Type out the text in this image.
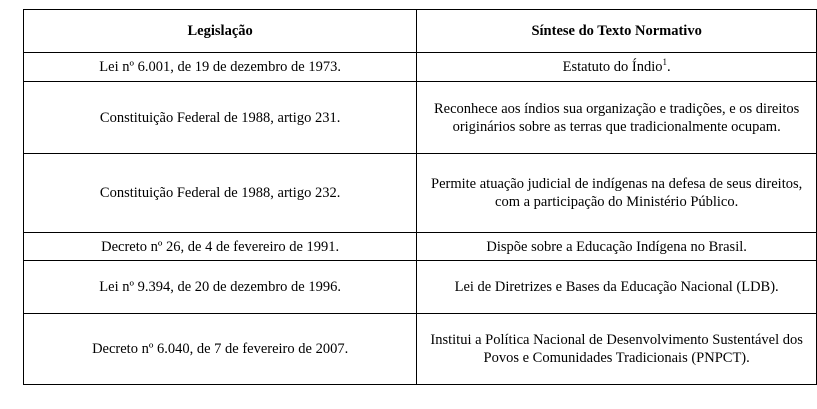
Legislação	Síntese do Texto Normativo
Lei nº 6.001, de 19 de dezembro de 1973.	Estatuto do Índio$^1$.
Constituição Federal de 1988, artigo 231.	Reconhece aos índios sua organização e tradições, e os direitos originários sobre as terras que tradicionalmente ocupam.
Constituição Federal de 1988, artigo 232.	Permite atuação judicial de indígenas na defesa de seus direitos, com a participação do Ministério Público.
Decreto nº 26, de 4 de fevereiro de 1991.	Dispõe sobre a Educação Indígena no Brasil.
Lei nº 9.394, de 20 de dezembro de 1996.	Lei de Diretrizes e Bases da Educação Nacional (LDB).
Decreto nº 6.040, de 7 de fevereiro de 2007.	Institui a Política Nacional de Desenvolvimento Sustentável dos Povos e Comunidades Tradicionais (PNPCT).
